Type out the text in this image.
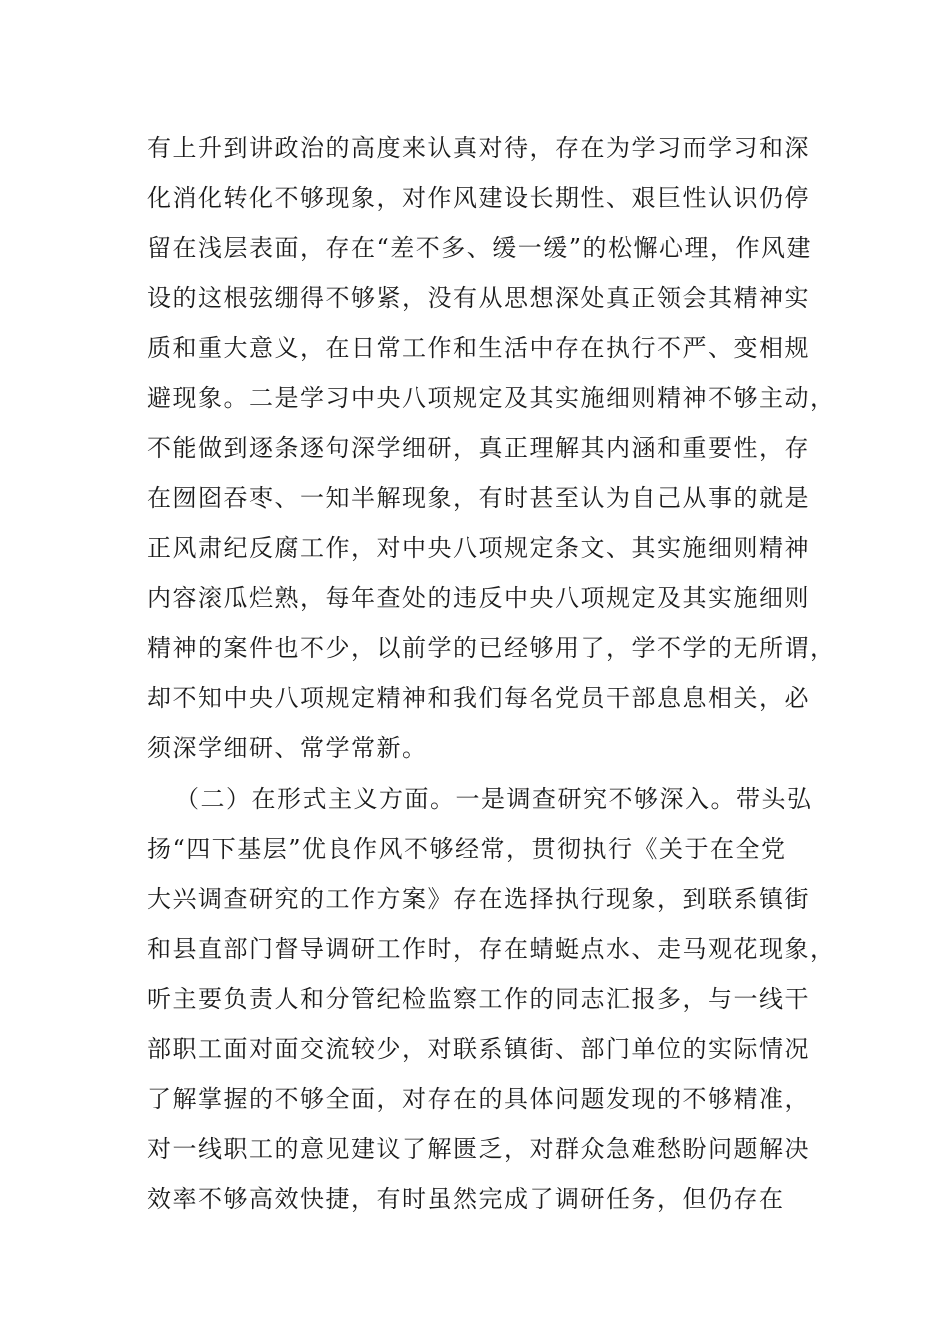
有上升到讲政治的高度来认真对待，存在为学习而学习和深
化消化转化不够现象，对作风建设长期性、艰巨性认识仍停
留在浅层表面，存在“差不多、缓一缓”的松懈心理，作风建
设的这根弦绷得不够紧，没有从思想深处真正领会其精神实
质和重大意义，在日常工作和生活中存在执行不严、变相规
避现象。二是学习中央八项规定及其实施细则精神不够主动，
不能做到逐条逐句深学细研，真正理解其内涵和重要性，存
在囫囵吞枣、一知半解现象，有时甚至认为自己从事的就是
正风肃纪反腐工作，对中央八项规定条文、其实施细则精神
内容滚瓜烂熟，每年查处的违反中央八项规定及其实施细则
精神的案件也不少，以前学的已经够用了，学不学的无所谓，
却不知中央八项规定精神和我们每名党员干部息息相关，必
须深学细研、常学常新。
（二）在形式主义方面。一是调查研究不够深入。带头弘
扬“四下基层”优良作风不够经常，贯彻执行《关于在全党
大兴调查研究的工作方案》存在选择执行现象，到联系镇街
和县直部门督导调研工作时，存在蜻蜓点水、走马观花现象，
听主要负责人和分管纪检监察工作的同志汇报多，与一线干
部职工面对面交流较少，对联系镇街、部门单位的实际情况
了解掌握的不够全面，对存在的具体问题发现的不够精准，
对一线职工的意见建议了解匮乏，对群众急难愁盼问题解决
效率不够高效快捷，有时虽然完成了调研任务，但仍存在
